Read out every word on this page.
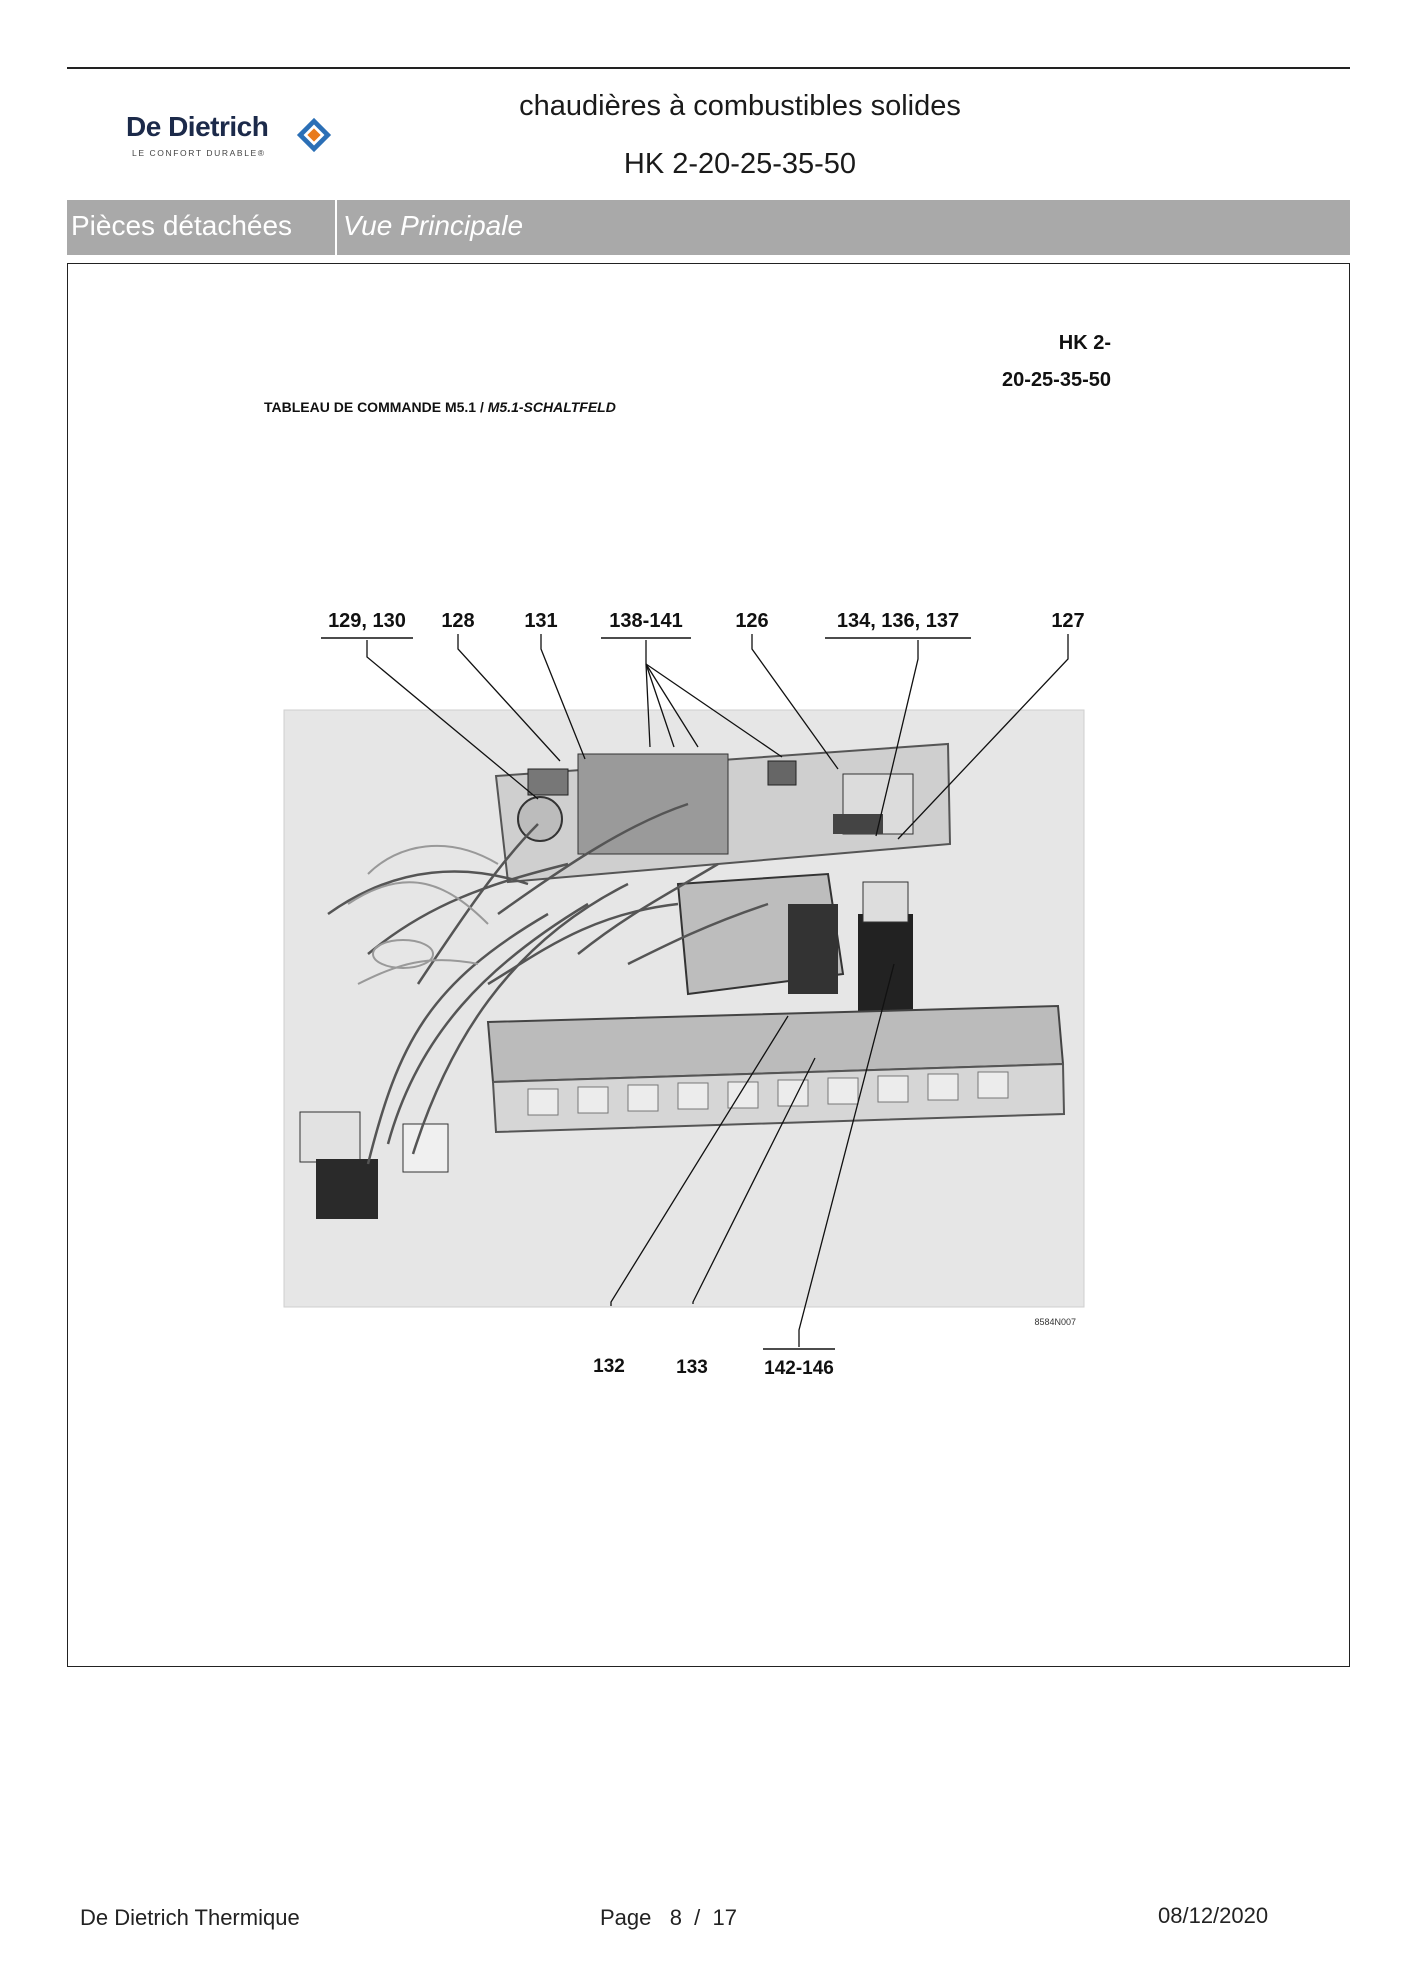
De Dietrich
LE CONFORT DURABLE®
chaudières à combustibles solides
HK 2-20-25-35-50
Pièces détachées Vue Principale
HK 2-
20-25-35-50
TABLEAU DE COMMANDE M5.1 / M5.1-SCHALTFELD
129, 130 128 131	138-141	126	134, 136, 137	127
8584N007
132	133	142-146
De Dietrich Thermique	Page   8  /  17	08/12/2020
